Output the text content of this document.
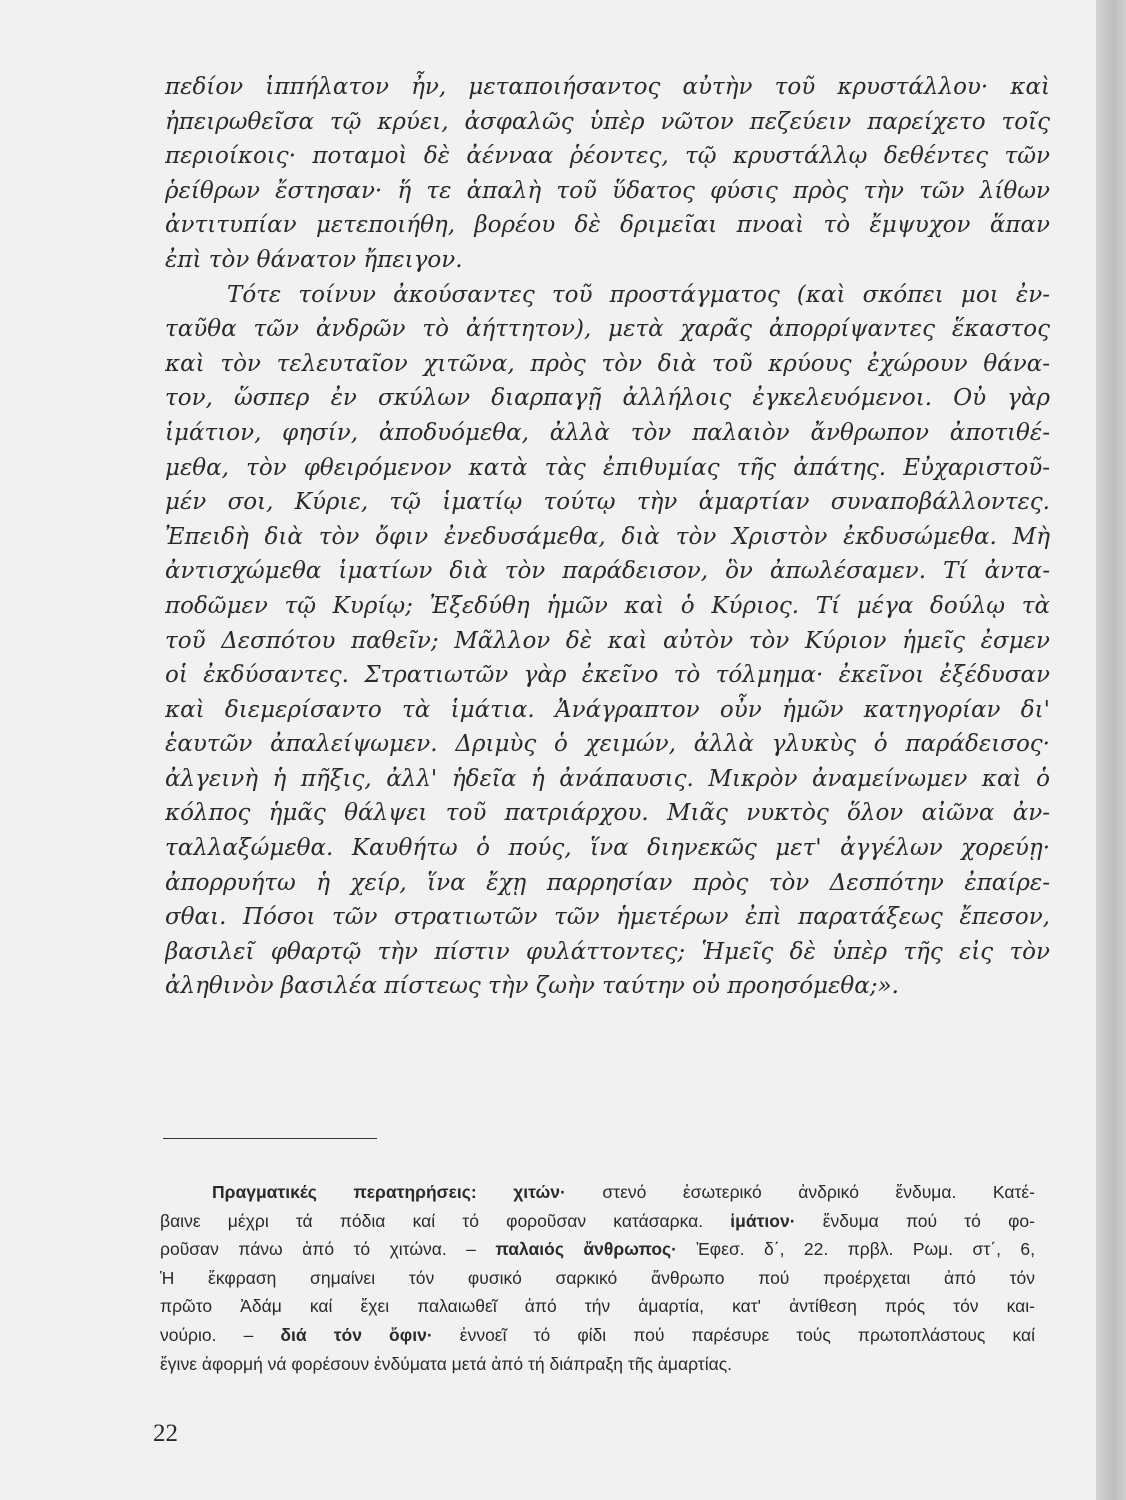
πεδίον ἱππήλατον ἦν, μεταποιήσαντος αὐτὴν τοῦ κρυστάλλου· καὶ
ἠπειρωθεῖσα τῷ κρύει, ἀσφαλῶς ὑπὲρ νῶτον πεζεύειν παρείχετο τοῖς
περιοίκοις· ποταμοὶ δὲ ἀένναα ῥέοντες, τῷ κρυστάλλῳ δεθέντες τῶν
ῥείθρων ἔστησαν· ἥ τε ἁπαλὴ τοῦ ὕδατος φύσις πρὸς τὴν τῶν λίθων
ἀντιτυπίαν μετεποιήθη, βορέου δὲ δριμεῖαι πνοαὶ τὸ ἔμψυχον ἅπαν
ἐπὶ τὸν θάνατον ἤπειγον.
Τότε τοίνυν ἀκούσαντες τοῦ προστάγματος (καὶ σκόπει μοι ἐν-
ταῦθα τῶν ἀνδρῶν τὸ ἀήττητον), μετὰ χαρᾶς ἀπορρίψαντες ἕκαστος
καὶ τὸν τελευταῖον χιτῶνα, πρὸς τὸν διὰ τοῦ κρύους ἐχώρουν θάνα-
τον, ὥσπερ ἐν σκύλων διαρπαγῇ ἀλλήλοις ἐγκελευόμενοι. Οὐ γὰρ
ἱμάτιον, φησίν, ἀποδυόμεθα, ἀλλὰ τὸν παλαιὸν ἄνθρωπον ἀποτιθέ-
μεθα, τὸν φθειρόμενον κατὰ τὰς ἐπιθυμίας τῆς ἀπάτης. Εὐχαριστοῦ-
μέν σοι, Κύριε, τῷ ἱματίῳ τούτῳ τὴν ἁμαρτίαν συναποβάλλοντες.
Ἐπειδὴ διὰ τὸν ὄφιν ἐνεδυσάμεθα, διὰ τὸν Χριστὸν ἐκδυσώμεθα. Μὴ
ἀντισχώμεθα ἱματίων διὰ τὸν παράδεισον, ὃν ἀπωλέσαμεν. Τί ἀντα-
ποδῶμεν τῷ Κυρίῳ; Ἐξεδύθη ἡμῶν καὶ ὁ Κύριος. Τί μέγα δούλῳ τὰ
τοῦ Δεσπότου παθεῖν; Μᾶλλον δὲ καὶ αὐτὸν τὸν Κύριον ἡμεῖς ἐσμεν
οἱ ἐκδύσαντες. Στρατιωτῶν γὰρ ἐκεῖνο τὸ τόλμημα· ἐκεῖνοι ἐξέδυσαν
καὶ διεμερίσαντο τὰ ἱμάτια. Ἀνάγραπτον οὖν ἡμῶν κατηγορίαν δι'
ἑαυτῶν ἀπαλείψωμεν. Δριμὺς ὁ χειμών, ἀλλὰ γλυκὺς ὁ παράδεισος·
ἀλγεινὴ ἡ πῆξις, ἀλλ' ἡδεῖα ἡ ἀνάπαυσις. Μικρὸν ἀναμείνωμεν καὶ ὁ
κόλπος ἡμᾶς θάλψει τοῦ πατριάρχου. Μιᾶς νυκτὸς ὅλον αἰῶνα ἀν-
ταλλαξώμεθα. Καυθήτω ὁ πούς, ἵνα διηνεκῶς μετ' ἀγγέλων χορεύῃ·
ἀπορρυήτω ἡ χείρ, ἵνα ἔχῃ παρρησίαν πρὸς τὸν Δεσπότην ἐπαίρε-
σθαι. Πόσοι τῶν στρατιωτῶν τῶν ἡμετέρων ἐπὶ παρατάξεως ἔπεσον,
βασιλεῖ φθαρτῷ τὴν πίστιν φυλάττοντες; Ἡμεῖς δὲ ὑπὲρ τῆς εἰς τὸν
ἀληθινὸν βασιλέα πίστεως τὴν ζωὴν ταύτην οὐ προησόμεθα;».
Πραγματικές περατηρήσεις: χιτών· στενό ἐσωτερικό ἀνδρικό ἔνδυμα. Κατέ-
βαινε μέχρι τά πόδια καί τό φοροῦσαν κατάσαρκα. ἱμάτιον· ἔνδυμα πού τό φο-
ροῦσαν πάνω ἀπό τό χιτώνα. – παλαιός ἄνθρωπος· Ἐφεσ. δ΄, 22. πρβλ. Ρωμ. στ΄, 6,
Ἡ ἔκφραση σημαίνει τόν φυσικό σαρκικό ἄνθρωπο πού προέρχεται ἀπό τόν
πρῶτο Ἀδάμ καί ἔχει παλαιωθεῖ ἀπό τήν ἁμαρτία, κατ' ἀντίθεση πρός τόν και-
νούριο. – διά τόν ὄφιν· ἐννοεῖ τό φίδι πού παρέσυρε τούς πρωτοπλάστους καί
ἔγινε ἀφορμή νά φορέσουν ἐνδύματα μετά ἀπό τή διάπραξη τῆς ἁμαρτίας.
22
